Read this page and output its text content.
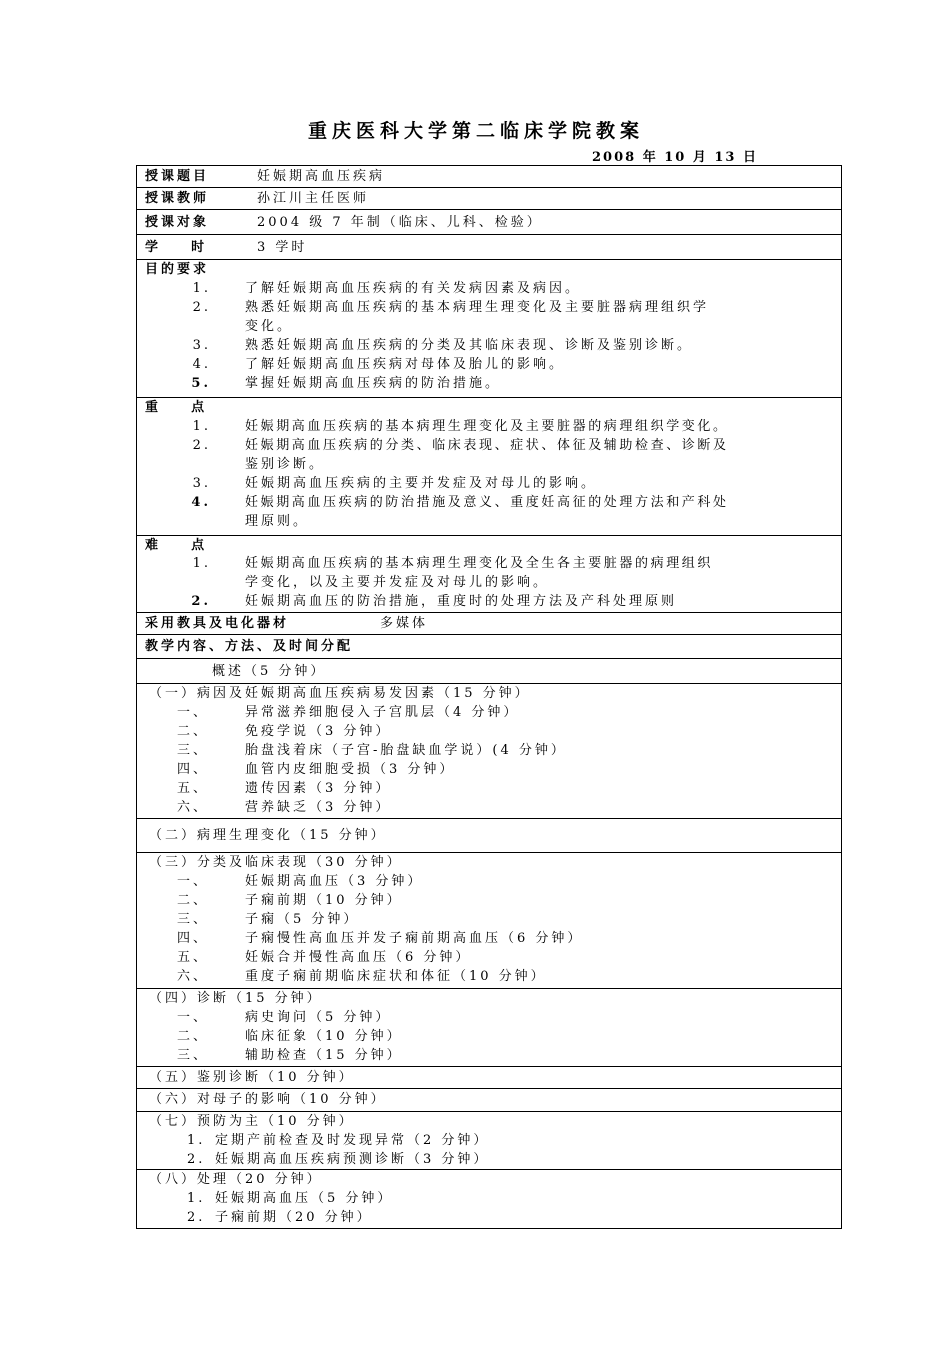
重庆医科大学第二临床学院教案
2008 年 10 月 13 日
授课题目	妊娠期高血压疾病
授课教师	孙江川主任医师
授课对象	2004 级 7 年制（临床、儿科、检验）
学    时	3 学时
目的要求
1.	了解妊娠期高血压疾病的有关发病因素及病因。
2.	熟悉妊娠期高血压疾病的基本病理生理变化及主要脏器病理组织学
变化。
3.	熟悉妊娠期高血压疾病的分类及其临床表现、诊断及鉴别诊断。
4.	了解妊娠期高血压疾病对母体及胎儿的影响。
5.	掌握妊娠期高血压疾病的防治措施。
重    点
1.	妊娠期高血压疾病的基本病理生理变化及主要脏器的病理组织学变化。
2.	妊娠期高血压疾病的分类、临床表现、症状、体征及辅助检查、诊断及
鉴别诊断。
3.	妊娠期高血压疾病的主要并发症及对母儿的影响。
4.	妊娠期高血压疾病的防治措施及意义、重度妊高征的处理方法和产科处
理原则。
难    点
1.	妊娠期高血压疾病的基本病理生理变化及全生各主要脏器的病理组织
学变化，以及主要并发症及对母儿的影响。
2.	妊娠期高血压的防治措施，重度时的处理方法及产科处理原则
采用教具及电化器材	多媒体
教学内容、方法、及时间分配
概述（5 分钟）
（一）病因及妊娠期高血压疾病易发因素（15 分钟）
一、	异常滋养细胞侵入子宫肌层（4 分钟）
二、	免疫学说（3 分钟）
三、	胎盘浅着床（子宫-胎盘缺血学说）(4 分钟）
四、	血管内皮细胞受损（3 分钟）
五、	遗传因素（3 分钟）
六、	营养缺乏（3 分钟）
（二）病理生理变化（15 分钟）
（三）分类及临床表现（30 分钟）
一、	妊娠期高血压（3 分钟）
二、	子痫前期（10 分钟）
三、	子痫（5 分钟）
四、	子痫慢性高血压并发子痫前期高血压（6 分钟）
五、	妊娠合并慢性高血压（6 分钟）
六、	重度子痫前期临床症状和体征（10 分钟）
（四）诊断（15 分钟）
一、	病史询问（5 分钟）
二、	临床征象（10 分钟）
三、	辅助检查（15 分钟）
（五）鉴别诊断（10 分钟）
（六）对母子的影响（10 分钟）
（七）预防为主（10 分钟）
1. 定期产前检查及时发现异常（2 分钟）
2. 妊娠期高血压疾病预测诊断（3 分钟）
（八）处理（20 分钟）
1. 妊娠期高血压（5 分钟）
2. 子痫前期（20 分钟）
